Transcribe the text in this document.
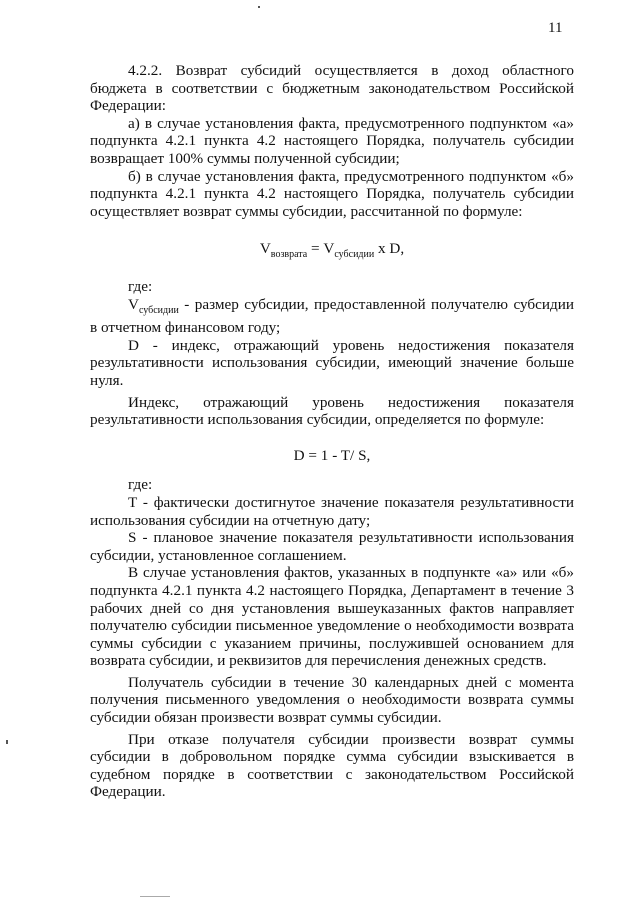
11

4.2.2. Возврат субсидий осуществляется в доход областного бюджета в соответствии с бюджетным законодательством Российской Федерации:

а) в случае установления факта, предусмотренного подпунктом «а» подпункта 4.2.1 пункта 4.2 настоящего Порядка, получатель субсидии возвращает 100% суммы полученной субсидии;

б) в случае установления факта, предусмотренного подпунктом «б» подпункта 4.2.1 пункта 4.2 настоящего Порядка, получатель субсидии осуществляет возврат суммы субсидии, рассчитанной по формуле:

$V_{возврата} = V_{субсидии}$ x D,

где:

$V_{субсидии}$ - размер субсидии, предоставленной получателю субсидии в отчетном финансовом году;

D - индекс, отражающий уровень недостижения показателя результативности использования субсидии, имеющий значение больше нуля.

Индекс, отражающий уровень недостижения показателя результативности использования субсидии, определяется по формуле:

D = 1 - T/ S,

где:

T - фактически достигнутое значение показателя результативности использования субсидии на отчетную дату;

S - плановое значение показателя результативности использования субсидии, установленное соглашением.

В случае установления фактов, указанных в подпункте «а» или «б» подпункта 4.2.1 пункта 4.2 настоящего Порядка, Департамент в течение 3 рабочих дней со дня установления вышеуказанных фактов направляет получателю субсидии письменное уведомление о необходимости возврата суммы субсидии с указанием причины, послужившей основанием для возврата субсидии, и реквизитов для перечисления денежных средств.

Получатель субсидии в течение 30 календарных дней с момента получения письменного уведомления о необходимости возврата суммы субсидии обязан произвести возврат суммы субсидии.

При отказе получателя субсидии произвести возврат суммы субсидии в добровольном порядке сумма субсидии взыскивается в судебном порядке в соответствии с законодательством Российской Федерации.
